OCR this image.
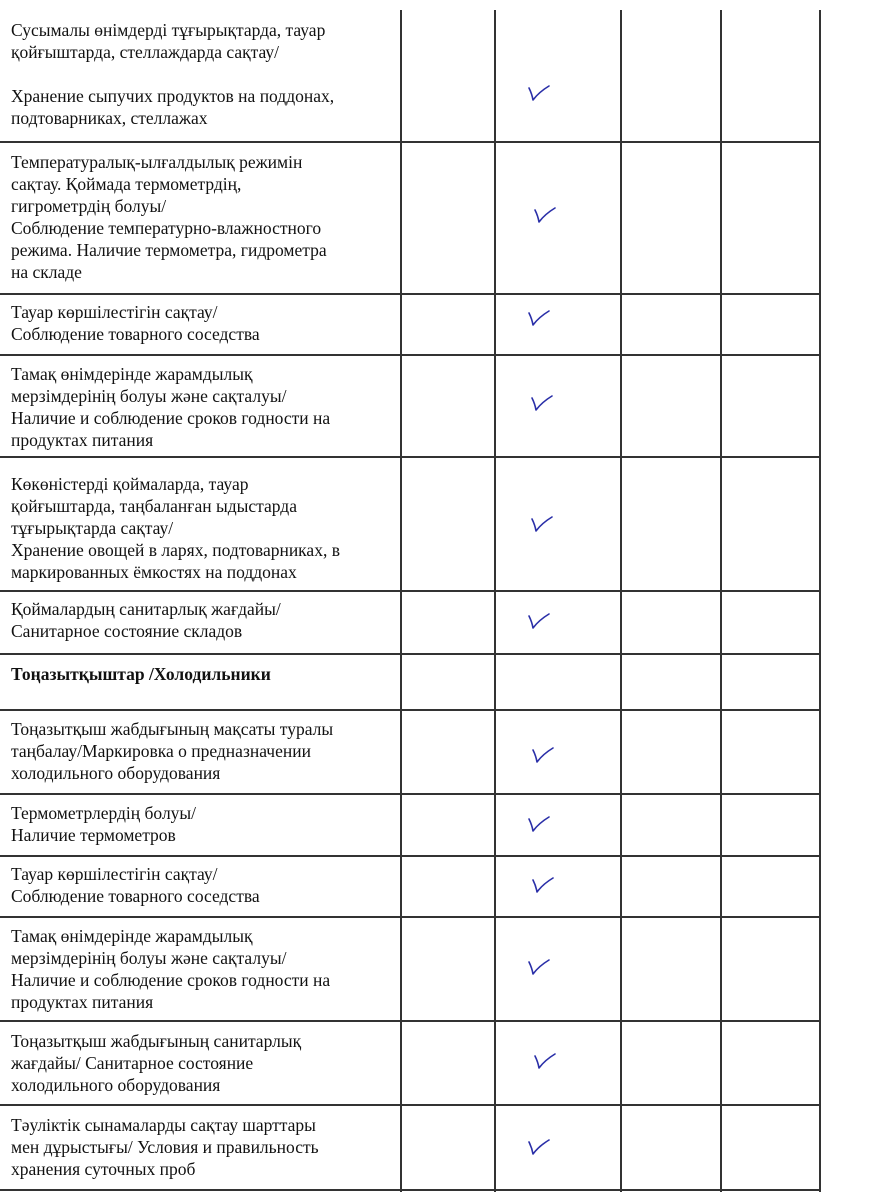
Сусымалы өнімдерді тұғырықтарда, тауар
қойғыштарда, стеллаждарда сақтау/
Хранение сыпучих продуктов на поддонах,
подтоварниках, стеллажах
Температуралық-ылғалдылық режимін
сақтау. Қоймада термометрдің,
гигрометрдің болуы/
Соблюдение температурно-влажностного
режима. Наличие термометра, гидрометра
на складе
Тауар көршілестігін сақтау/
Соблюдение товарного соседства
Тамақ өнімдерінде жарамдылық
мерзімдерінің болуы және сақталуы/
Наличие и соблюдение сроков годности на
продуктах питания
Көкөністерді қоймаларда, тауар
қойғыштарда, таңбаланған ыдыстарда
тұғырықтарда сақтау/
Хранение овощей в ларях, подтоварниках, в
маркированных ёмкостях на поддонах
Қоймалардың санитарлық жағдайы/
Санитарное состояние складов
Тоңазытқыштар /Холодильники
Тоңазытқыш жабдығының мақсаты туралы
таңбалау/Маркировка о предназначении
холодильного оборудования
Термометрлердің болуы/
Наличие термометров
Тауар көршілестігін сақтау/
Соблюдение товарного соседства
Тамақ өнімдерінде жарамдылық
мерзімдерінің болуы және сақталуы/
Наличие и соблюдение сроков годности на
продуктах питания
Тоңазытқыш жабдығының санитарлық
жағдайы/ Санитарное состояние
холодильного оборудования
Тәуліктік сынамаларды сақтау шарттары
мен дұрыстығы/ Условия и правильность
хранения суточных проб
